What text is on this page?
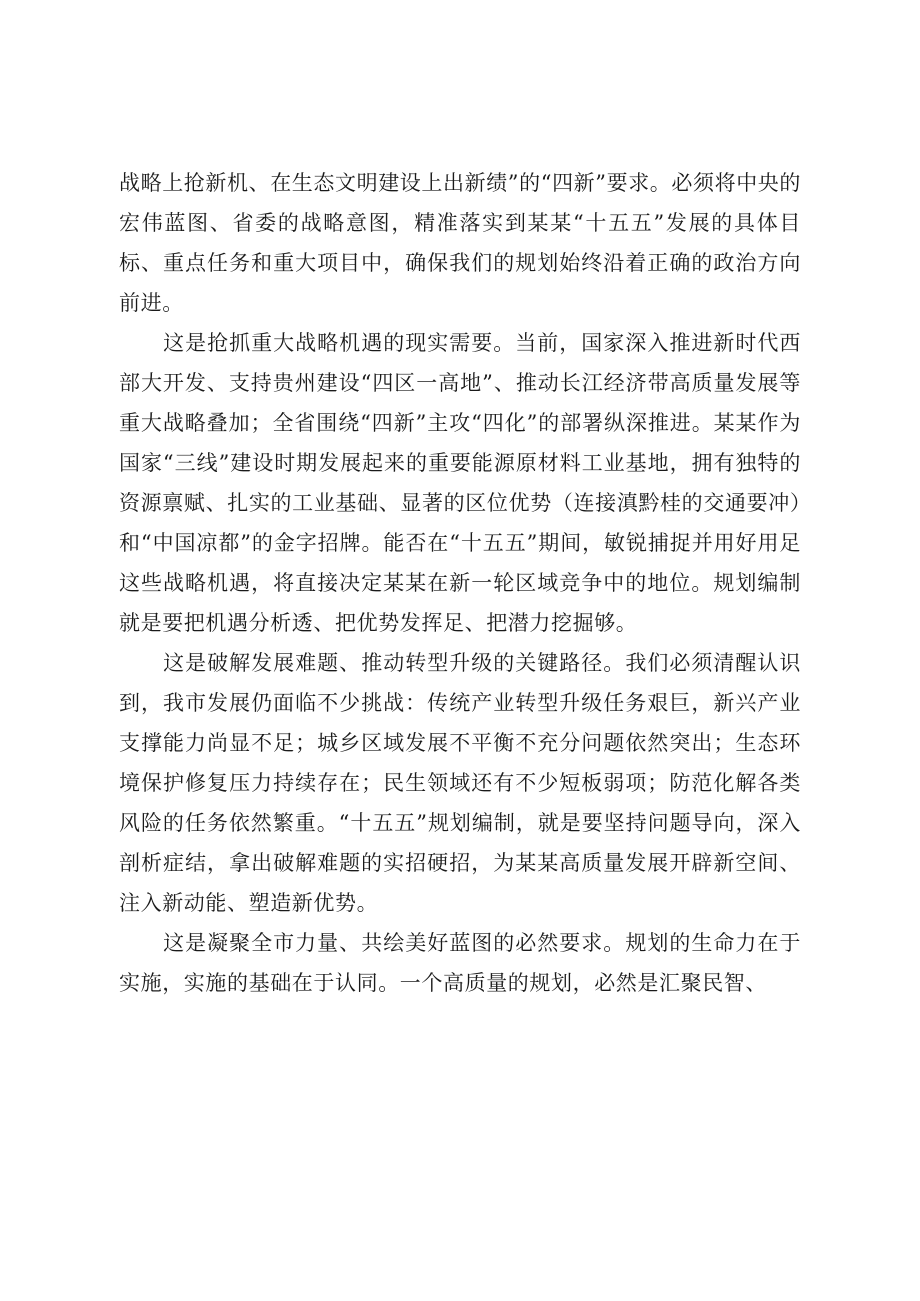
战略上抢新机、在生态文明建设上出新绩”的“四新”要求。必须将中央的宏伟蓝图、省委的战略意图，精准落实到某某“十五五”发展的具体目标、重点任务和重大项目中，确保我们的规划始终沿着正确的政治方向前进。

这是抢抓重大战略机遇的现实需要。当前，国家深入推进新时代西部大开发、支持贵州建设“四区一高地”、推动长江经济带高质量发展等重大战略叠加；全省围绕“四新”主攻“四化”的部署纵深推进。某某作为国家“三线”建设时期发展起来的重要能源原材料工业基地，拥有独特的资源禀赋、扎实的工业基础、显著的区位优势（连接滇黔桂的交通要冲）和“中国凉都”的金字招牌。能否在“十五五”期间，敏锐捕捉并用好用足这些战略机遇，将直接决定某某在新一轮区域竞争中的地位。规划编制就是要把机遇分析透、把优势发挥足、把潜力挖掘够。

这是破解发展难题、推动转型升级的关键路径。我们必须清醒认识到，我市发展仍面临不少挑战：传统产业转型升级任务艰巨，新兴产业支撑能力尚显不足；城乡区域发展不平衡不充分问题依然突出；生态环境保护修复压力持续存在；民生领域还有不少短板弱项；防范化解各类风险的任务依然繁重。“十五五”规划编制，就是要坚持问题导向，深入剖析症结，拿出破解难题的实招硬招，为某某高质量发展开辟新空间、注入新动能、塑造新优势。

这是凝聚全市力量、共绘美好蓝图的必然要求。规划的生命力在于实施，实施的基础在于认同。一个高质量的规划，必然是汇聚民智、
